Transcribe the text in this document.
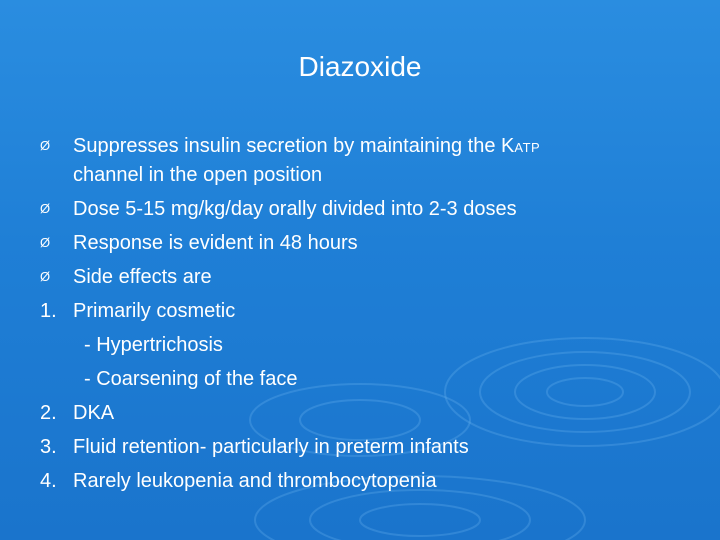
Diazoxide
Ø	Suppresses insulin secretion by maintaining the KATP
channel in the open position
Ø	Dose 5-15 mg/kg/day orally divided into 2-3 doses
Ø	Response is evident in 48 hours
Ø	Side effects are
1. Primarily cosmetic
- Hypertrichosis
- Coarsening of the face
2. DKA
3. Fluid retention- particularly in preterm infants
4. Rarely leukopenia and thrombocytopenia
